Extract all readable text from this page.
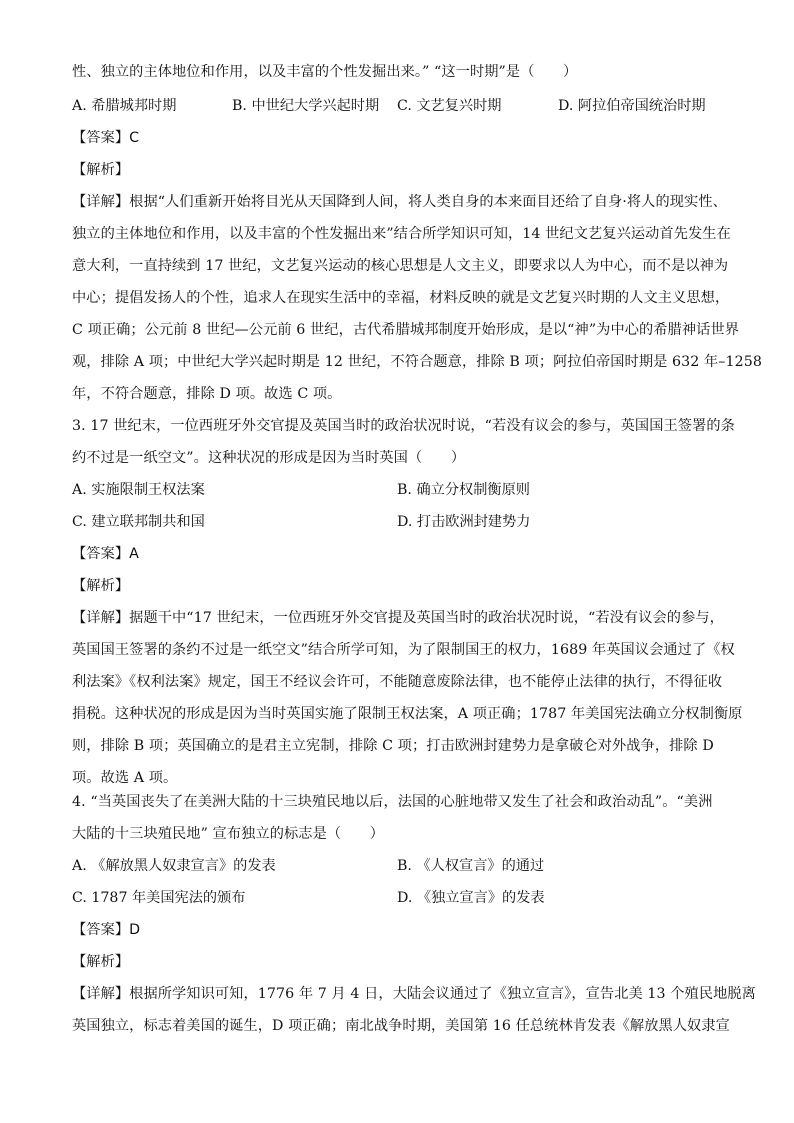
性、独立的主体地位和作用，以及丰富的个性发掘出来。” “这一时期”是（　　）
A. 希腊城邦时期	B. 中世纪大学兴起时期 C. 文艺复兴时期	D. 阿拉伯帝国统治时期
【答案】C
【解析】
【详解】根据“人们重新开始将目光从天国降到人间，将人类自身的本来面目还给了自身·将人的现实性、
独立的主体地位和作用，以及丰富的个性发掘出来”结合所学知识可知，14 世纪文艺复兴运动首先发生在
意大利，一直持续到 17 世纪，文艺复兴运动的核心思想是人文主义，即要求以人为中心，而不是以神为
中心；提倡发扬人的个性，追求人在现实生活中的幸福，材料反映的就是文艺复兴时期的人文主义思想，
C 项正确；公元前 8 世纪—公元前 6 世纪，古代希腊城邦制度开始形成，是以“神”为中心的希腊神话世界
观，排除 A 项；中世纪大学兴起时期是 12 世纪，不符合题意，排除 B 项；阿拉伯帝国时期是 632 年–1258
年，不符合题意，排除 D 项。故选 C 项。
3. 17 世纪末，一位西班牙外交官提及英国当时的政治状况时说，“若没有议会的参与，英国国王签署的条
约不过是一纸空文”。这种状况的形成是因为当时英国（　　）
A. 实施限制王权法案	B. 确立分权制衡原则
C. 建立联邦制共和国	D. 打击欧洲封建势力
【答案】A
【解析】
【详解】据题干中“17 世纪末，一位西班牙外交官提及英国当时的政治状况时说，“若没有议会的参与，
英国国王签署的条约不过是一纸空文”结合所学可知，为了限制国王的权力，1689 年英国议会通过了《权
利法案》《权利法案》规定，国王不经议会许可，不能随意废除法律，也不能停止法律的执行，不得征收
捐税。这种状况的形成是因为当时英国实施了限制王权法案，A 项正确；1787 年美国宪法确立分权制衡原
则，排除 B 项；英国确立的是君主立宪制，排除 C 项；打击欧洲封建势力是拿破仑对外战争，排除 D
项。故选 A 项。
4. “当英国丧失了在美洲大陆的十三块殖民地以后，法国的心脏地带又发生了社会和政治动乱”。“美洲
大陆的十三块殖民地” 宣布独立的标志是（　　）
A. 《解放黑人奴隶宣言》的发表	B. 《人权宣言》的通过
C. 1787 年美国宪法的颁布	D. 《独立宣言》的发表
【答案】D
【解析】
【详解】根据所学知识可知，1776 年 7 月 4 日，大陆会议通过了《独立宣言》，宣告北美 13 个殖民地脱离
英国独立，标志着美国的诞生，D 项正确；南北战争时期，美国第 16 任总统林肯发表《解放黑人奴隶宣
